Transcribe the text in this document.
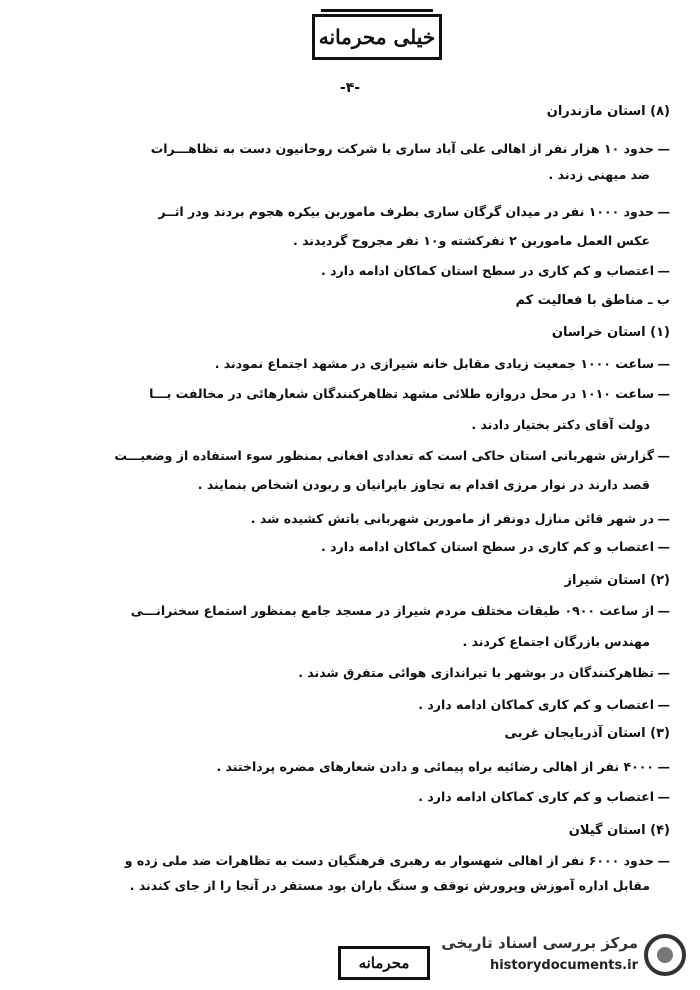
خیلی محرمانه
-۴-
(۸) استان مازندران
—حدود ۱۰ هزار نفر از اهالی علی آباد ساری با شرکت روحانیون دست به تظاهـــرات
ضد میهنی زدند .
—حدود ۱۰۰۰ نفر در میدان گرگان ساری بطرف ماموربن بیکره هجوم بردند ودر اثــر
عکس العمل ماموربن ۲ نفرکشته و۱۰ نفر مجروح گردیدند .
—اعتصاب و کم کاری در سطح استان کماکان ادامه دارد .
ب ـ مناطق با فعالیت کم
(۱) استان خراسان
—ساعت ۱۰۰۰ جمعیت زیادی مقابل خانه شیرازی در مشهد اجتماع نمودند .
—ساعت ۱۰۱۰ در محل دروازه طلائی مشهد تظاهرکنندگان شعارهائی در مخالفت بـــا
دولت آقای دکتر بختیار دادند .
—گزارش شهربانی استان حاکی است که تعدادی افغانی بمنظور سوء استفاده از وضعیـــت
قصد دارند در نوار مرزی اقدام به تجاوز باپرانیان و ربودن اشخاص بنمایند .
—در شهر قائن منازل دونفر از ماموربن شهربانی باتش کشیده شد .
—اعتصاب و کم کاری در سطح استان کماکان ادامه دارد .
(۲) استان شیراز
—از ساعت ۰۹۰۰ طبقات مختلف مردم شیراز در مسجد جامع بمنظور استماع سخنرانـــی
مهندس بازرگان اجتماع کردند .
—تظاهرکنندگان در بوشهر با تیراندازی هوائی متفرق شدند .
—اعتصاب و کم کاری کماکان ادامه دارد .
(۳) استان آذربایجان غربی
—۴۰۰۰ نفر از اهالی رضائیه براه پیمائی و دادن شعارهای مضره پرداختند .
—اعتصاب و کم کاری کماکان ادامه دارد .
(۴) استان گیلان
—حدود ۶۰۰۰ نفر از اهالی شهسوار به رهبری فرهنگیان دست به تظاهرات ضد ملی زده و
مقابل اداره آموزش وپرورش توقف و سنگ باران بود مستقر در آنجا را از جای کندند .
محرمانه
مرکز بررسی اسناد تاریخی
historydocuments.ir
